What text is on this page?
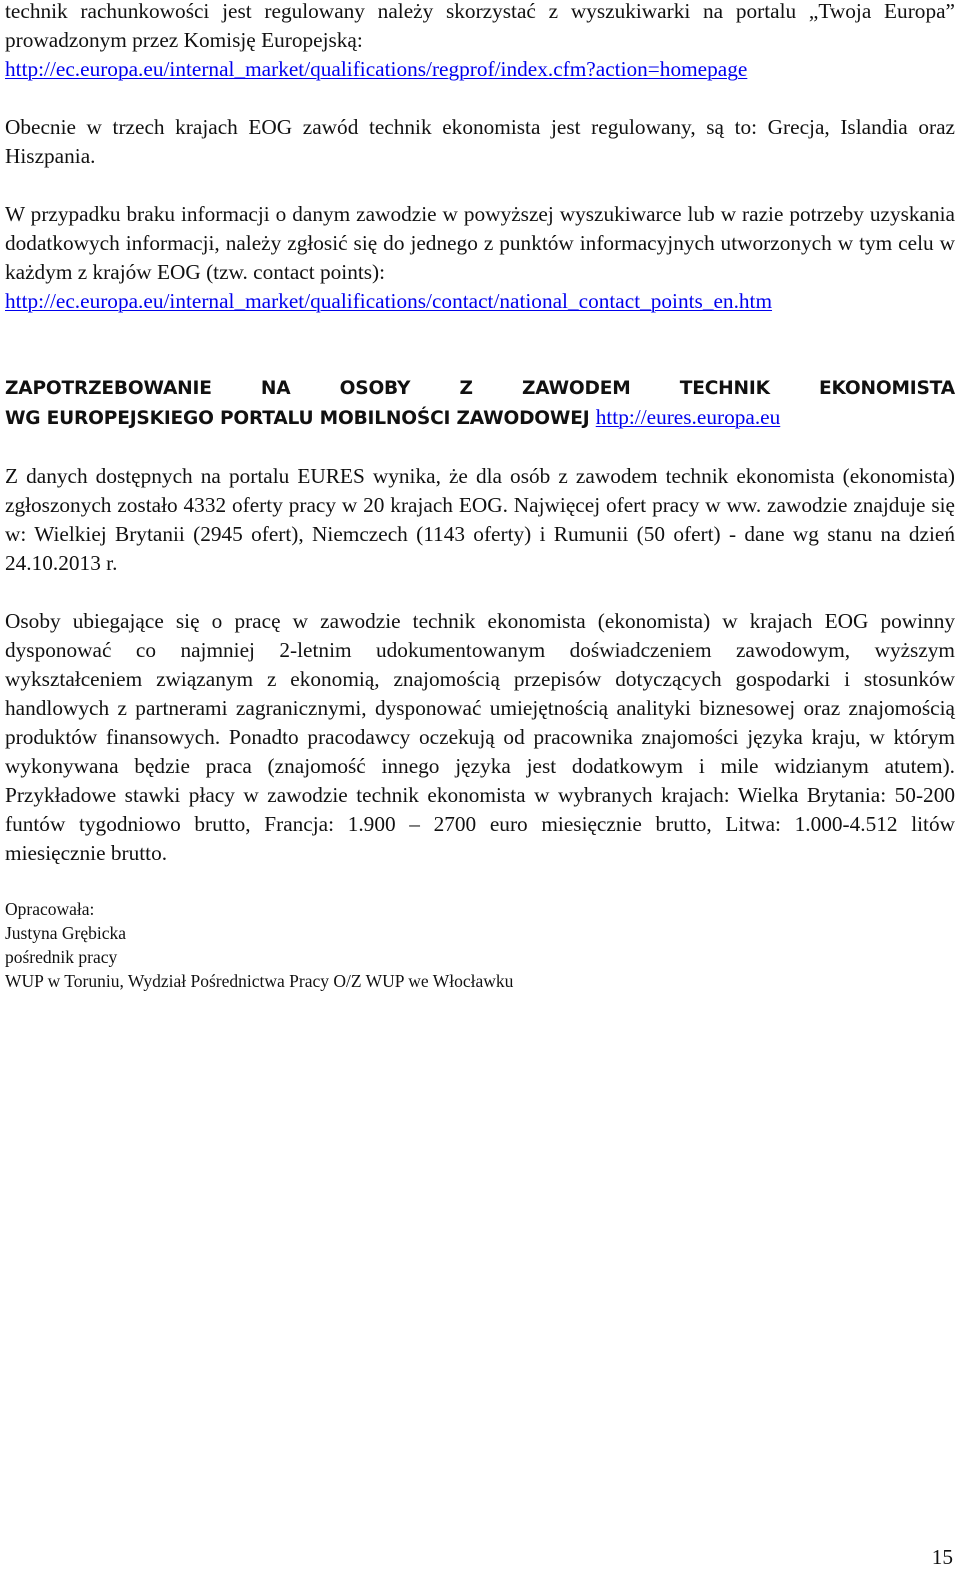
technik rachunkowości jest regulowany należy skorzystać z wyszukiwarki na portalu „Twoja Europa” prowadzonym przez Komisję Europejską:
http://ec.europa.eu/internal_market/qualifications/regprof/index.cfm?action=homepage

Obecnie w trzech krajach EOG zawód technik ekonomista jest regulowany, są to: Grecja, Islandia oraz Hiszpania.

W przypadku braku informacji o danym zawodzie w powyższej wyszukiwarce lub w razie potrzeby uzyskania dodatkowych informacji, należy zgłosić się do jednego z punktów informacyjnych utworzonych w tym celu w każdym z krajów EOG (tzw. contact points):
http://ec.europa.eu/internal_market/qualifications/contact/national_contact_points_en.htm

ZAPOTRZEBOWANIE	NA	OSOBY	Z	ZAWODEM	TECHNIK	EKONOMISTA
WG EUROPEJSKIEGO PORTALU MOBILNOŚCI ZAWODOWEJ http://eures.europa.eu

Z danych dostępnych na portalu EURES wynika, że dla osób z zawodem technik ekonomista (ekonomista) zgłoszonych zostało 4332 oferty pracy w 20 krajach EOG. Najwięcej ofert pracy w ww. zawodzie znajduje się w: Wielkiej Brytanii (2945 ofert), Niemczech (1143 oferty) i Rumunii (50 ofert) - dane wg stanu na dzień 24.10.2013 r.

Osoby ubiegające się o pracę w zawodzie technik ekonomista (ekonomista) w krajach EOG powinny dysponować co najmniej 2-letnim udokumentowanym doświadczeniem zawodowym, wyższym wykształceniem związanym z ekonomią, znajomością przepisów dotyczących gospodarki i stosunków handlowych z partnerami zagranicznymi, dysponować umiejętnością analityki biznesowej oraz znajomością produktów finansowych. Ponadto pracodawcy oczekują od pracownika znajomości języka kraju, w którym wykonywana będzie praca (znajomość innego języka jest dodatkowym i mile widzianym atutem). Przykładowe stawki płacy w zawodzie technik ekonomista w wybranych krajach: Wielka Brytania: 50-200 funtów tygodniowo brutto, Francja: 1.900 – 2700 euro miesięcznie brutto, Litwa: 1.000-4.512 litów miesięcznie brutto.

Opracowała:
Justyna Grębicka
pośrednik pracy
WUP w Toruniu, Wydział Pośrednictwa Pracy O/Z WUP we Włocławku
15
